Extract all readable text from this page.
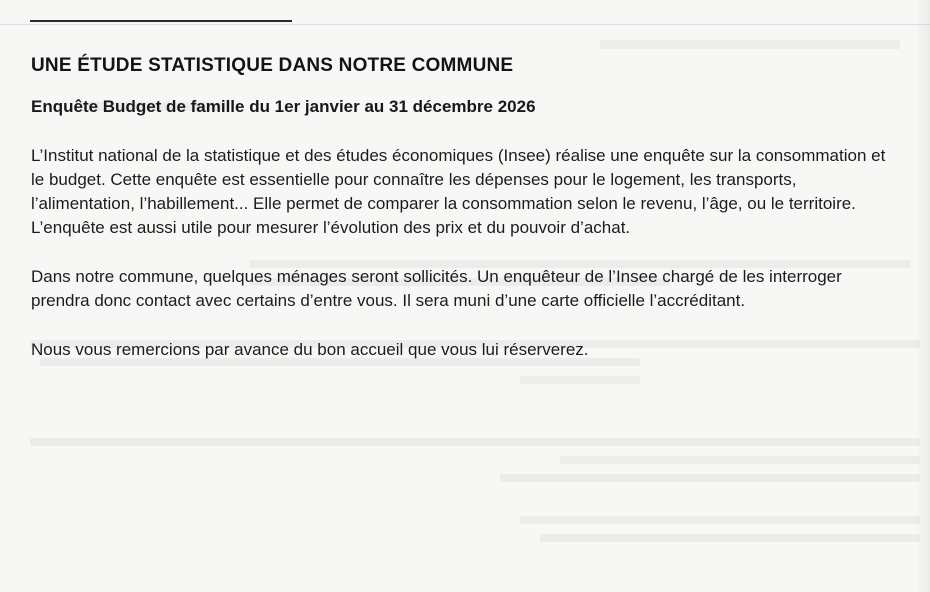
UNE ÉTUDE STATISTIQUE DANS NOTRE COMMUNE
Enquête Budget de famille du 1er janvier au 31 décembre 2026

L’Institut national de la statistique et des études économiques (Insee) réalise une enquête sur la consommation et le budget. Cette enquête est essentielle pour connaître les dépenses pour le logement, les transports, l’alimentation, l’habillement... Elle permet de comparer la consommation selon le revenu, l’âge, ou le territoire. L’enquête est aussi utile pour mesurer l’évolution des prix et du pouvoir d’achat.

Dans notre commune, quelques ménages seront sollicités. Un enquêteur de l’Insee chargé de les interroger prendra donc contact avec certains d’entre vous. Il sera muni d’une carte officielle l’accréditant.

Nous vous remercions par avance du bon accueil que vous lui réserverez.
